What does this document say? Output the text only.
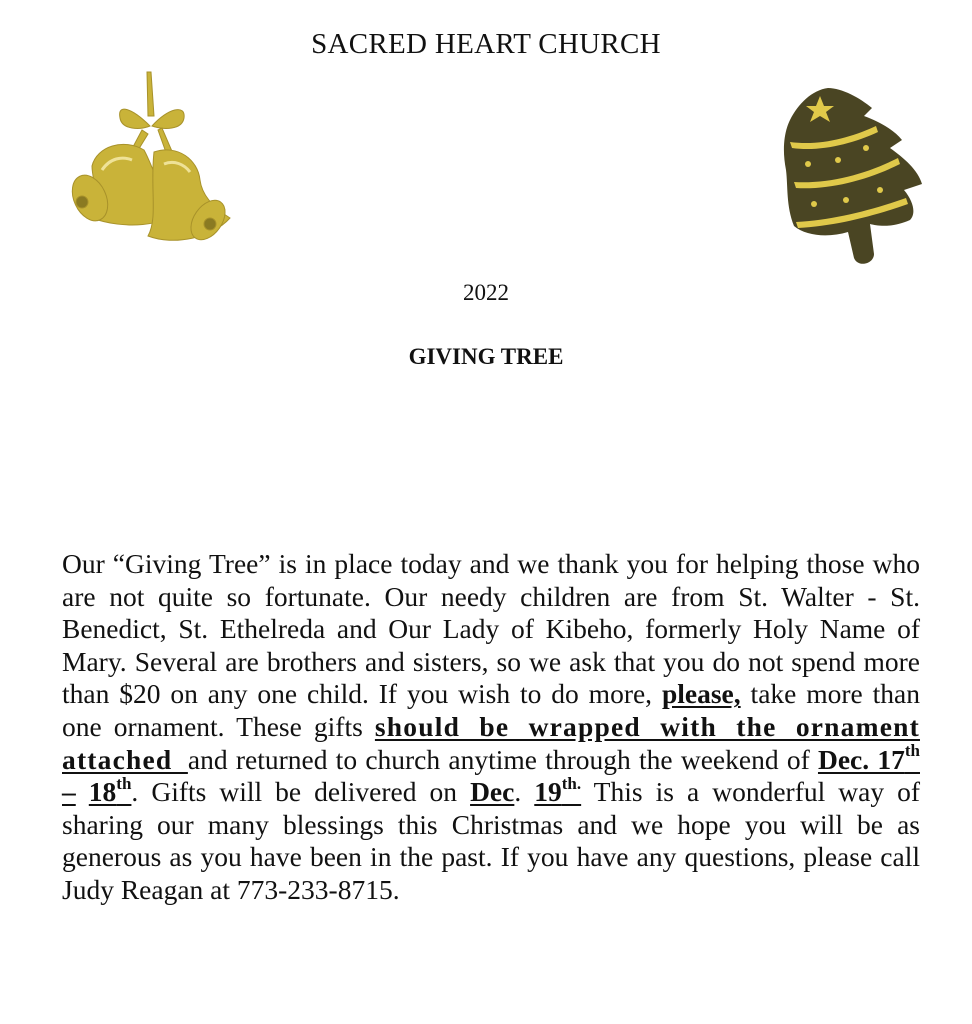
SACRED HEART CHURCH
2022
GIVING TREE
Our “Giving Tree” is in place today and we thank you for helping those who are not quite so fortunate. Our needy children are from St. Walter - St. Benedict, St. Ethelreda and Our Lady of Kibeho, formerly Holy Name of Mary. Several are brothers and sisters, so we ask that you do not spend more than $20 on any one child. If you wish to do more, please, take more than one ornament. These gifts should be wrapped with the ornament attached and returned to church anytime through the weekend of Dec. 17th – 18th. Gifts will be delivered on Dec. $19^{th.}$ This is a wonderful way of sharing our many blessings this Christmas and we hope you will be as generous as you have been in the past. If you have any questions, please call Judy Reagan at 773-233-8715.
